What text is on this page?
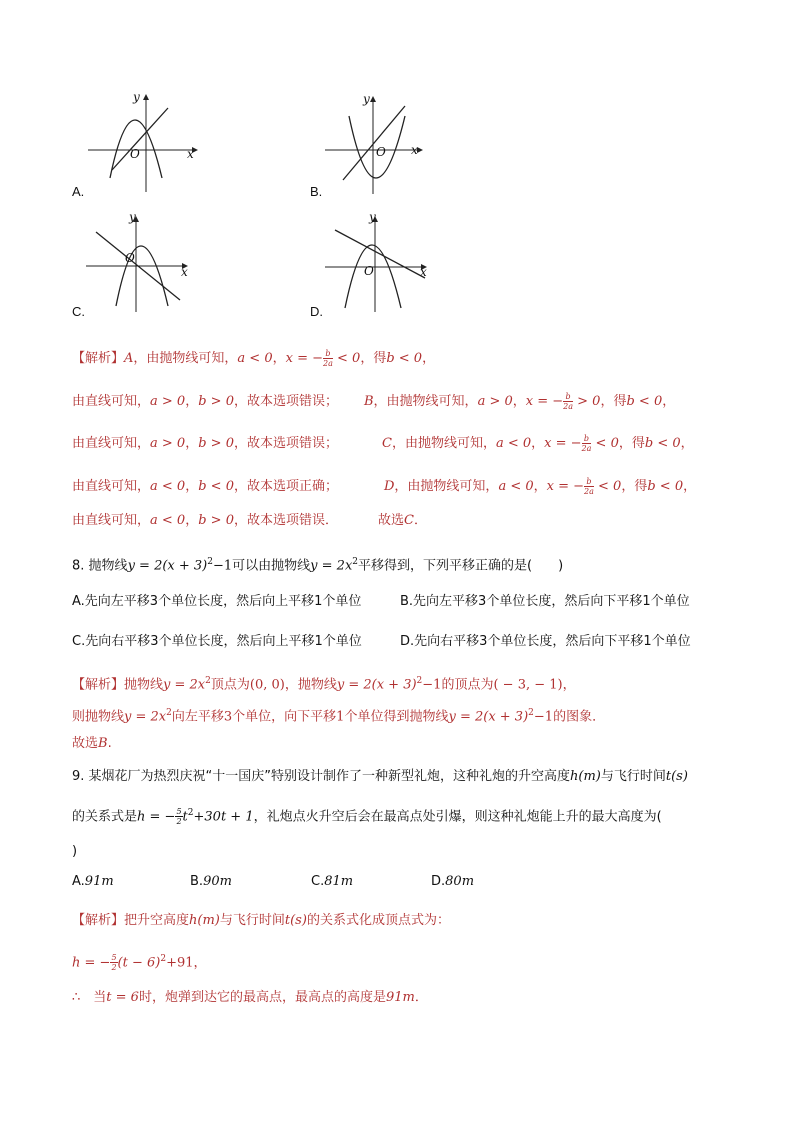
y
x
O
A.
y
x
O
B.
y
x
O
C.
y
x
O
D.
【解析】A，由抛物线可知，a < 0，x = − $\frac{b}{2a} < 0$，得b < 0，
由直线可知，a > 0，b > 0，故本选项错误； B，由抛物线可知，a > 0，x = − $\frac{b}{2a} > 0$，得b < 0，
由直线可知，a > 0，b > 0，故本选项错误；	C，由抛物线可知，a < 0，x = − $\frac{b}{2a} < 0$，得b < 0，
由直线可知，a < 0，b < 0，故本选项正确；	D，由抛物线可知，a < 0，x = − $\frac{b}{2a} < 0$，得b < 0，
由直线可知，a < 0，b > 0，故本选项错误．	故选C．
8. 抛物线$y = 2(x + 3)^2-1$可以由抛物线$y = 2x^2$平移得到，下列平移正确的是(　　)
A.先向左平移3个单位长度，然后向上平移1个单位	B.先向左平移3个单位长度，然后向下平移1个单位
C.先向右平移3个单位长度，然后向上平移1个单位	D.先向右平移3个单位长度，然后向下平移1个单位
【解析】抛物线$y = 2x^2$顶点为(0, 0)，抛物线$y = 2(x + 3)^2-1$的顶点为( − 3, − 1)，
则抛物线$y = 2x^2$向左平移3个单位，向下平移1个单位得到抛物线$y = 2(x + 3)^2-1$的图象．
故选B.
9. 某烟花厂为热烈庆祝“十一国庆”特别设计制作了一种新型礼炮，这种礼炮的升空高度h(m)与飞行时间t(s)
的关系式是h = − $\frac{5}{2} t^2+30t + 1$，礼炮点火升空后会在最高点处引爆，则这种礼炮能上升的最大高度为(
)
A.91m	B.90m	C.81m	D.80m
【解析】把升空高度h(m)与飞行时间t(s)的关系式化成顶点式为：
h = − $\frac{5}{2} (t - 6)^2+91$，
∴　当t = 6时，炮弹到达它的最高点，最高点的高度是91m．
